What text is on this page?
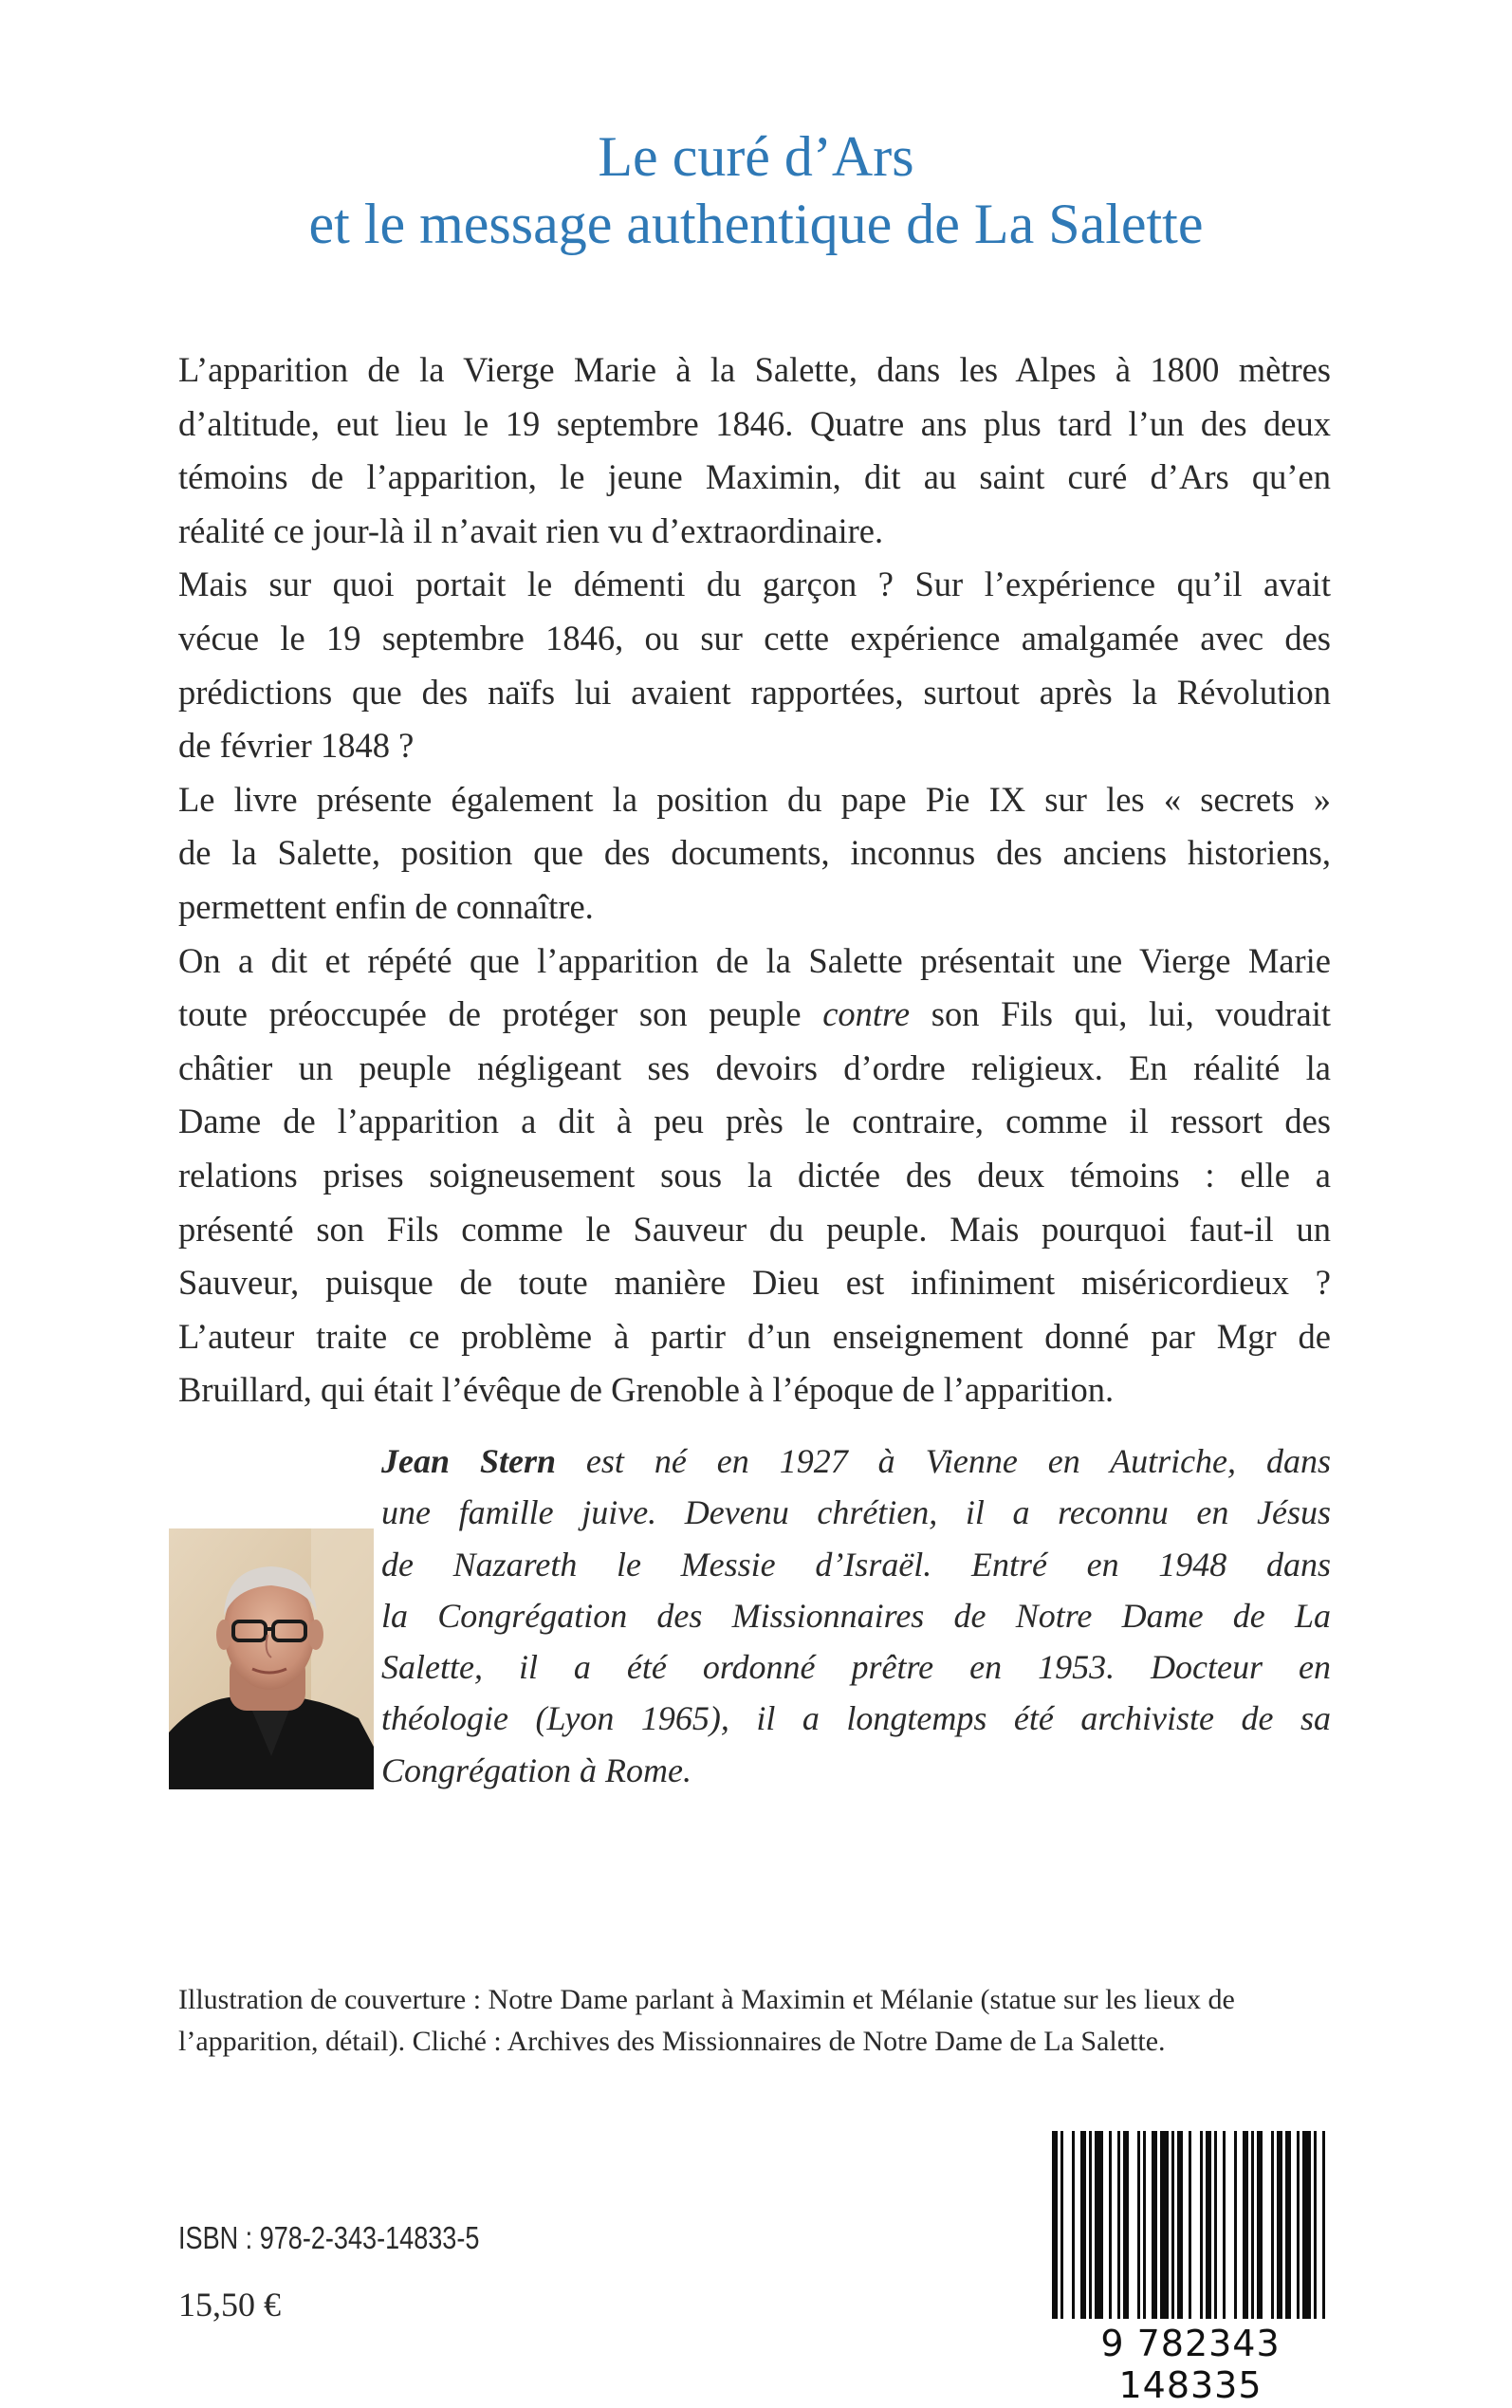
Le curé d’Ars
et le message authentique de La Salette
L’apparition de la Vierge Marie à la Salette, dans les Alpes à 1800 mètres
d’altitude, eut lieu le 19 septembre 1846. Quatre ans plus tard l’un des deux
témoins de l’apparition, le jeune Maximin, dit au saint curé d’Ars qu’en
réalité ce jour-là il n’avait rien vu d’extraordinaire.
Mais sur quoi portait le démenti du garçon ? Sur l’expérience qu’il avait
vécue le 19 septembre 1846, ou sur cette expérience amalgamée avec des
prédictions que des naïfs lui avaient rapportées, surtout après la Révolution
de février 1848 ?
Le livre présente également la position du pape Pie IX sur les « secrets »
de la Salette, position que des documents, inconnus des anciens historiens,
permettent enfin de connaître.
On a dit et répété que l’apparition de la Salette présentait une Vierge Marie
toute préoccupée de protéger son peuple contre son Fils qui, lui, voudrait
châtier un peuple négligeant ses devoirs d’ordre religieux. En réalité la
Dame de l’apparition a dit à peu près le contraire, comme il ressort des
relations prises soigneusement sous la dictée des deux témoins : elle a
présenté son Fils comme le Sauveur du peuple. Mais pourquoi faut-il un
Sauveur, puisque de toute manière Dieu est infiniment miséricordieux ?
L’auteur traite ce problème à partir d’un enseignement donné par Mgr de
Bruillard, qui était l’évêque de Grenoble à l’époque de l’apparition.
Jean Stern est né en 1927 à Vienne en Autriche, dans
une famille juive. Devenu chrétien, il a reconnu en Jésus
de Nazareth le Messie d’Israël. Entré en 1948 dans
la Congrégation des Missionnaires de Notre Dame de La
Salette, il a été ordonné prêtre en 1953. Docteur en
théologie (Lyon 1965), il a longtemps été archiviste de sa
Congrégation à Rome.
Illustration de couverture : Notre Dame parlant à Maximin et Mélanie (statue sur les lieux de
l’apparition, détail). Cliché : Archives des Missionnaires de Notre Dame de La Salette.
ISBN : 978-2-343-14833-5
15,50 €
9 782343 148335
